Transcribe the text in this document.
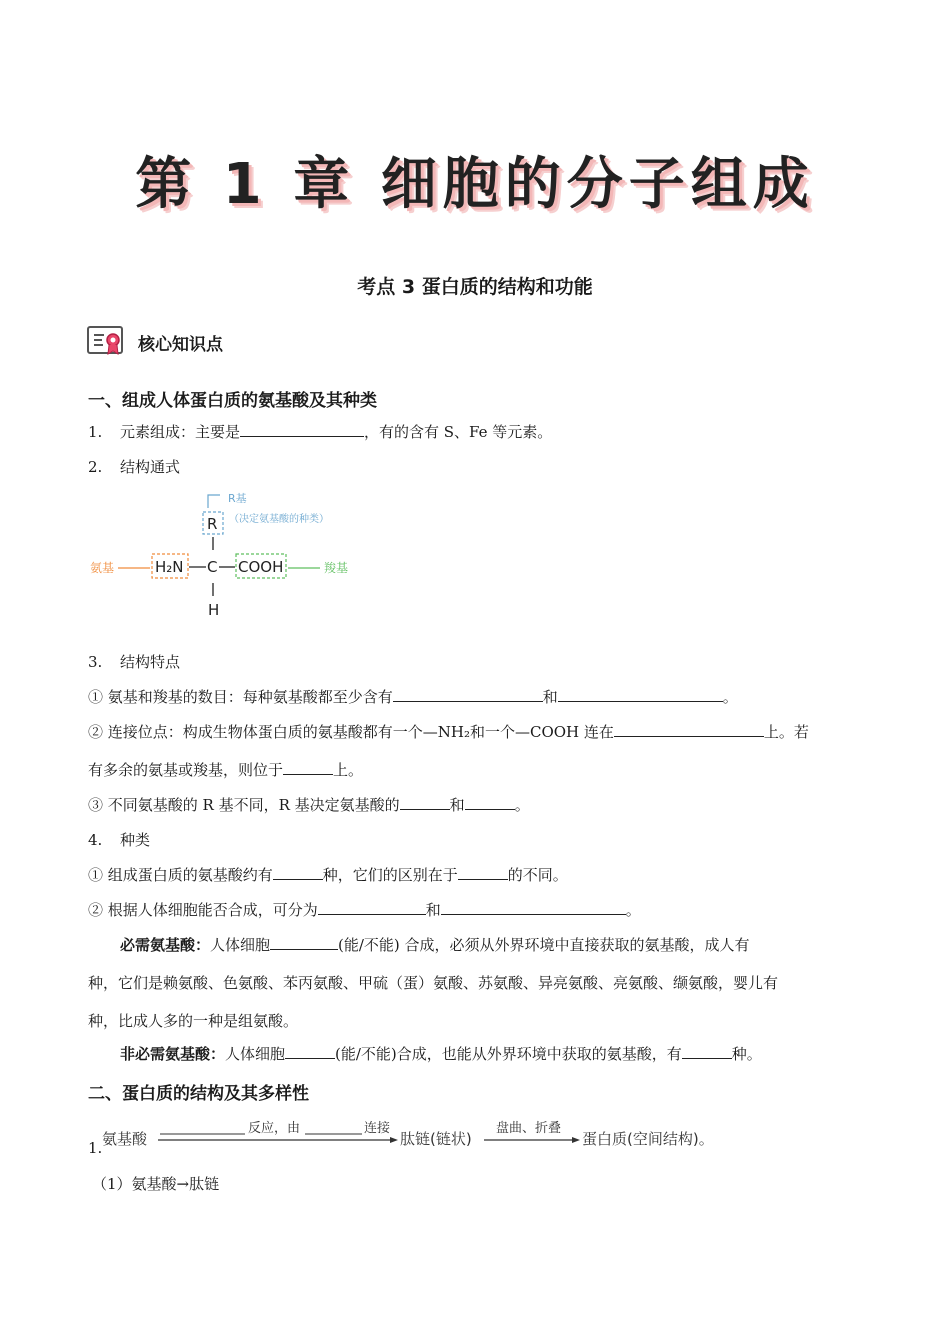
第 1 章 细胞的分子组成
考点 3 蛋白质的结构和功能
核心知识点
一、组成人体蛋白质的氨基酸及其种类
1. 元素组成：主要是	，有的含有 S、Fe 等元素。
2. 结构通式
R基
（决定氨基酸的种类）
R
氨基	H₂N C COOH	羧基
H
3. 结构特点
① 氨基和羧基的数目：每种氨基酸都至少含有	和	。
② 连接位点：构成生物体蛋白质的氨基酸都有一个—NH₂和一个—COOH 连在	上。若
有多余的氨基或羧基，则位于	上。
③ 不同氨基酸的 R 基不同，R 基决定氨基酸的	和	。
4. 种类
① 组成蛋白质的氨基酸约有	种，它们的区别在于	的不同。
② 根据人体细胞能否合成，可分为	和	。
必需氨基酸：人体细胞	(能/不能) 合成，必须从外界环境中直接获取的氨基酸，成人有
种，它们是赖氨酸、色氨酸、苯丙氨酸、甲硫（蛋）氨酸、苏氨酸、异亮氨酸、亮氨酸、缬氨酸，婴儿有
种，比成人多的一种是组氨酸。
非必需氨基酸：人体细胞	(能/不能)合成，也能从外界环境中获取的氨基酸，有	种。
二、蛋白质的结构及其多样性
1. 氨基酸
反应，由	连接
肽链(链状)
盘曲、折叠
蛋白质(空间结构)。
（1）氨基酸→肽链
